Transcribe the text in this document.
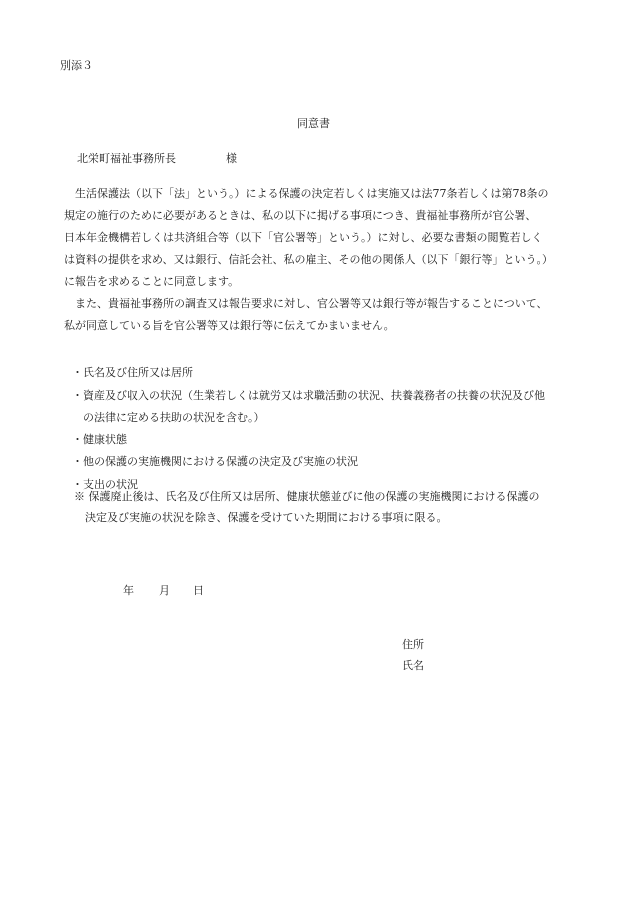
別添３
同意書
北栄町福祉事務所長	様
　生活保護法（以下「法」という。）による保護の決定若しくは実施又は法77条若しくは第78条の
規定の施行のために必要があるときは、私の以下に掲げる事項につき、貴福祉事務所が官公署、
日本年金機構若しくは共済組合等（以下「官公署等」という。）に対し、必要な書類の閲覧若しく
は資料の提供を求め、又は銀行、信託会社、私の雇主、その他の関係人（以下「銀行等」という。）
に報告を求めることに同意します。
　また、貴福祉事務所の調査又は報告要求に対し、官公署等又は銀行等が報告することについて、
私が同意している旨を官公署等又は銀行等に伝えてかまいません。
・氏名及び住所又は居所
・資産及び収入の状況（生業若しくは就労又は求職活動の状況、扶養義務者の扶養の状況及び他
　の法律に定める扶助の状況を含む。）
・健康状態
・他の保護の実施機関における保護の決定及び実施の状況
・支出の状況
※ 保護廃止後は、氏名及び住所又は居所、健康状態並びに他の保護の実施機関における保護の
　決定及び実施の状況を除き、保護を受けていた期間における事項に限る。
年 月 日
住所
氏名
